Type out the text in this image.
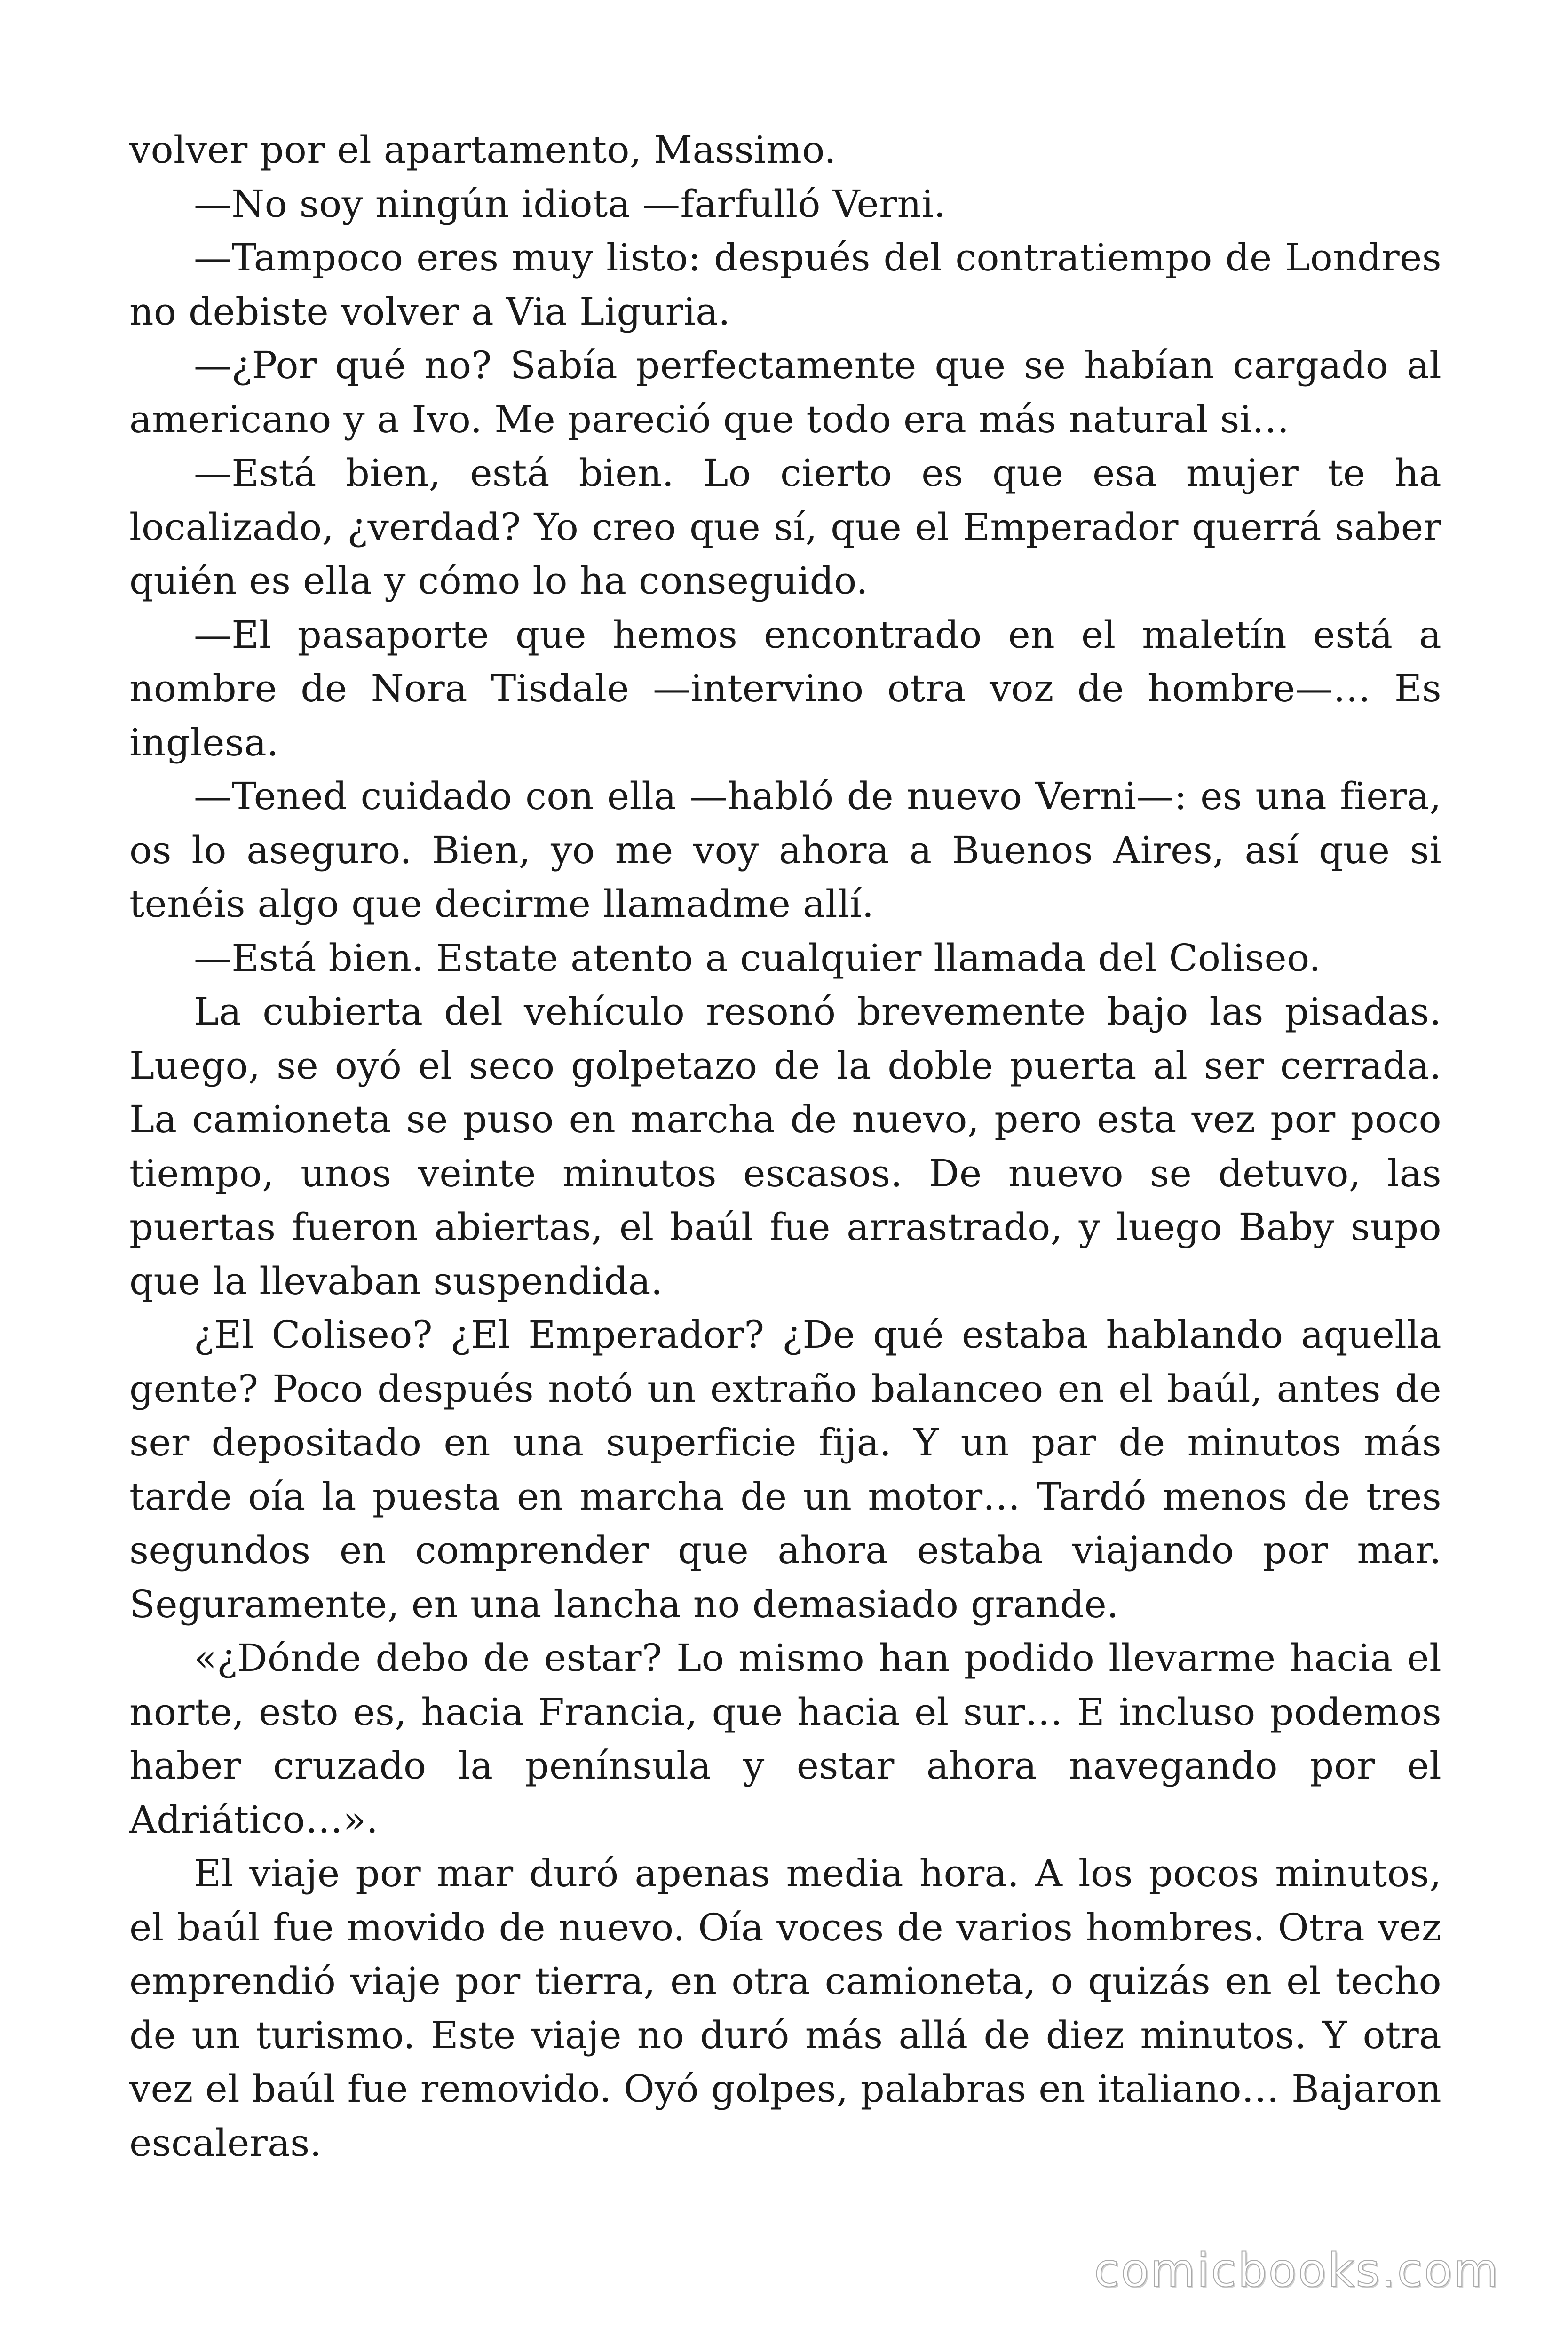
volver por el apartamento, Massimo.

—No soy ningún idiota —farfulló Verni.

—Tampoco eres muy listo: después del contratiempo de Londres no debiste volver a Via Liguria.

—¿Por qué no? Sabía perfectamente que se habían cargado al americano y a Ivo. Me pareció que todo era más natural si…

—Está bien, está bien. Lo cierto es que esa mujer te ha localizado, ¿verdad? Yo creo que sí, que el Emperador querrá saber quién es ella y cómo lo ha conseguido.

—El pasaporte que hemos encontrado en el maletín está a nombre de Nora Tisdale —intervino otra voz de hombre—… Es inglesa.

—Tened cuidado con ella —habló de nuevo Verni—: es una fiera, os lo aseguro. Bien, yo me voy ahora a Buenos Aires, así que si tenéis algo que decirme llamadme allí.

—Está bien. Estate atento a cualquier llamada del Coliseo.

La cubierta del vehículo resonó brevemente bajo las pisadas. Luego, se oyó el seco golpetazo de la doble puerta al ser cerrada. La camioneta se puso en marcha de nuevo, pero esta vez por poco tiempo, unos veinte minutos escasos. De nuevo se detuvo, las puertas fueron abiertas, el baúl fue arrastrado, y luego Baby supo que la llevaban suspendida.

¿El Coliseo? ¿El Emperador? ¿De qué estaba hablando aquella gente? Poco después notó un extraño balanceo en el baúl, antes de ser depositado en una superficie fija. Y un par de minutos más tarde oía la puesta en marcha de un motor… Tardó menos de tres segundos en comprender que ahora estaba viajando por mar. Seguramente, en una lancha no demasiado grande.

«¿Dónde debo de estar? Lo mismo han podido llevarme hacia el norte, esto es, hacia Francia, que hacia el sur… E incluso podemos haber cruzado la península y estar ahora navegando por el Adriático…».

El viaje por mar duró apenas media hora. A los pocos minutos, el baúl fue movido de nuevo. Oía voces de varios hombres. Otra vez emprendió viaje por tierra, en otra camioneta, o quizás en el techo de un turismo. Este viaje no duró más allá de diez minutos. Y otra vez el baúl fue removido. Oyó golpes, palabras en italiano… Bajaron escaleras.

comicbooks.com
